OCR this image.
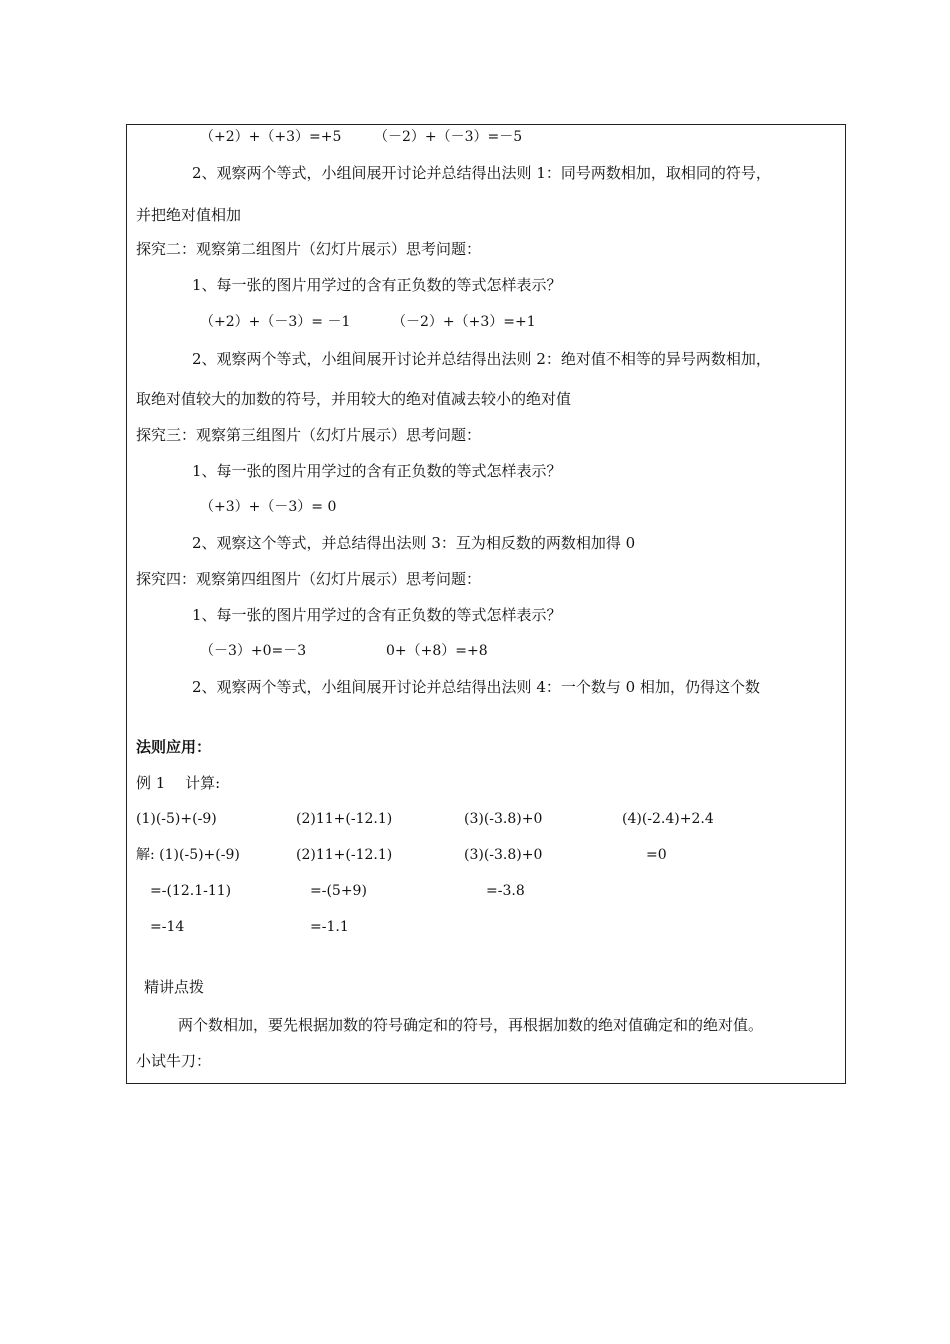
（+2）+（+3）=+5 （－2）+（－3）=－5
2、观察两个等式，小组间展开讨论并总结得出法则 1：同号两数相加，取相同的符号，
并把绝对值相加
探究二：观察第二组图片（幻灯片展示）思考问题：
1、每一张的图片用学过的含有正负数的等式怎样表示？
（+2）+（－3）= －1	（－2）+（+3）=+1
2、观察两个等式，小组间展开讨论并总结得出法则 2：绝对值不相等的异号两数相加，
取绝对值较大的加数的符号，并用较大的绝对值减去较小的绝对值
探究三：观察第三组图片（幻灯片展示）思考问题：
1、每一张的图片用学过的含有正负数的等式怎样表示？
（+3）+（－3）= 0
2、观察这个等式，并总结得出法则 3：互为相反数的两数相加得 0
探究四：观察第四组图片（幻灯片展示）思考问题：
1、每一张的图片用学过的含有正负数的等式怎样表示？
（－3）+0=－3	0+（+8）=+8
2、观察两个等式，小组间展开讨论并总结得出法则 4：一个数与 0 相加，仍得这个数
法则应用：
例 1　 计算:
(1)(-5)+(-9)	(2)11+(-12.1)	(3)(-3.8)+0	(4)(-2.4)+2.4
解: (1)(-5)+(-9)	(2)11+(-12.1)	(3)(-3.8)+0	=0
=-(12.1-11)	=-(5+9)	=-3.8
=-14	=-1.1
精讲点拨
两个数相加，要先根据加数的符号确定和的符号，再根据加数的绝对值确定和的绝对值。
小试牛刀：
